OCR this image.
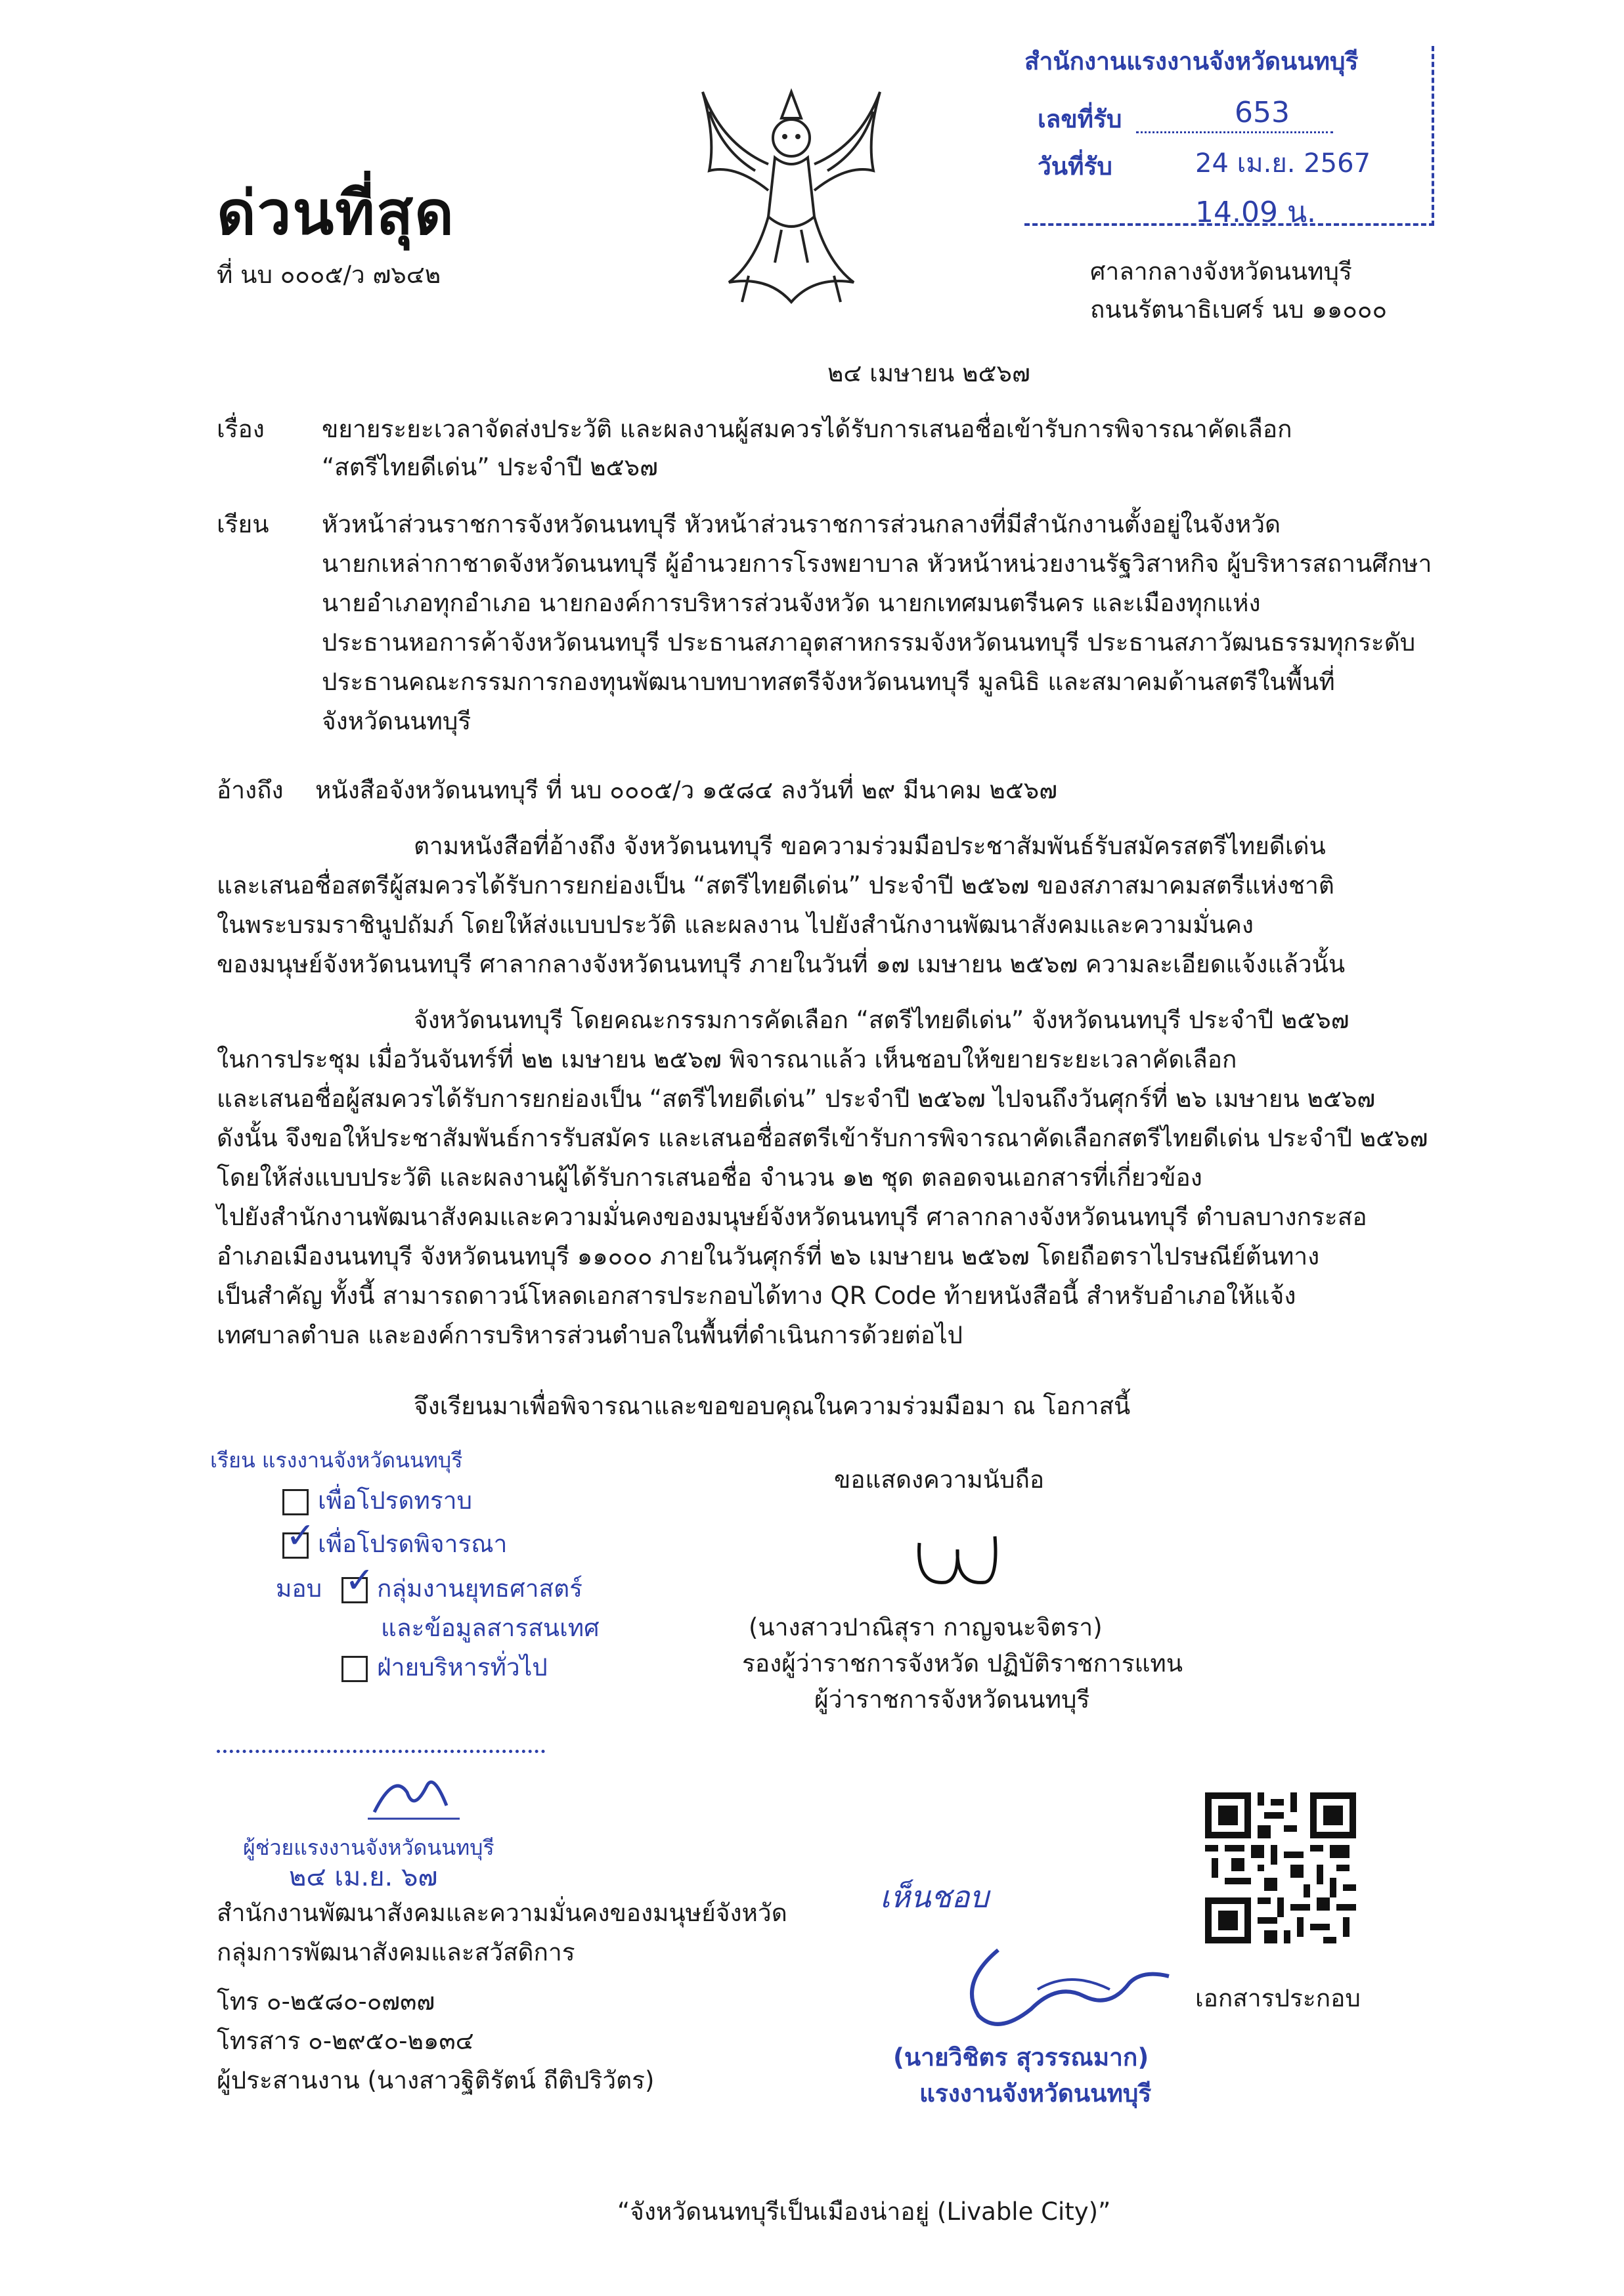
ด่วนที่สุด
ที่ นบ ๐๐๐๕/ว ๗๖๔๒
สำนักงานแรงงานจังหวัดนนทบุรี
เลขที่รับ	653
วันที่รับ	24 เม.ย. 2567
14.09 น.
ศาลากลางจังหวัดนนทบุรี
ถนนรัตนาธิเบศร์ นบ ๑๑๐๐๐
๒๔ เมษายน ๒๕๖๗
เรื่อง ขยายระยะเวลาจัดส่งประวัติ และผลงานผู้สมควรได้รับการเสนอชื่อเข้ารับการพิจารณาคัดเลือก
“สตรีไทยดีเด่น” ประจำปี ๒๕๖๗
เรียน หัวหน้าส่วนราชการจังหวัดนนทบุรี หัวหน้าส่วนราชการส่วนกลางที่มีสำนักงานตั้งอยู่ในจังหวัด
นายกเหล่ากาชาดจังหวัดนนทบุรี ผู้อำนวยการโรงพยาบาล หัวหน้าหน่วยงานรัฐวิสาหกิจ ผู้บริหารสถานศึกษา
นายอำเภอทุกอำเภอ นายกองค์การบริหารส่วนจังหวัด นายกเทศมนตรีนคร และเมืองทุกแห่ง
ประธานหอการค้าจังหวัดนนทบุรี ประธานสภาอุตสาหกรรมจังหวัดนนทบุรี ประธานสภาวัฒนธรรมทุกระดับ
ประธานคณะกรรมการกองทุนพัฒนาบทบาทสตรีจังหวัดนนทบุรี มูลนิธิ และสมาคมด้านสตรีในพื้นที่
จังหวัดนนทบุรี
อ้างถึง หนังสือจังหวัดนนทบุรี ที่ นบ ๐๐๐๕/ว ๑๕๘๔ ลงวันที่ ๒๙ มีนาคม ๒๕๖๗
ตามหนังสือที่อ้างถึง จังหวัดนนทบุรี ขอความร่วมมือประชาสัมพันธ์รับสมัครสตรีไทยดีเด่น
และเสนอชื่อสตรีผู้สมควรได้รับการยกย่องเป็น “สตรีไทยดีเด่น” ประจำปี ๒๕๖๗ ของสภาสมาคมสตรีแห่งชาติ
ในพระบรมราชินูปถัมภ์ โดยให้ส่งแบบประวัติ และผลงาน ไปยังสำนักงานพัฒนาสังคมและความมั่นคง
ของมนุษย์จังหวัดนนทบุรี ศาลากลางจังหวัดนนทบุรี ภายในวันที่ ๑๗ เมษายน ๒๕๖๗ ความละเอียดแจ้งแล้วนั้น
จังหวัดนนทบุรี โดยคณะกรรมการคัดเลือก “สตรีไทยดีเด่น” จังหวัดนนทบุรี ประจำปี ๒๕๖๗
ในการประชุม เมื่อวันจันทร์ที่ ๒๒ เมษายน ๒๕๖๗ พิจารณาแล้ว เห็นชอบให้ขยายระยะเวลาคัดเลือก
และเสนอชื่อผู้สมควรได้รับการยกย่องเป็น “สตรีไทยดีเด่น” ประจำปี ๒๕๖๗ ไปจนถึงวันศุกร์ที่ ๒๖ เมษายน ๒๕๖๗
ดังนั้น จึงขอให้ประชาสัมพันธ์การรับสมัคร และเสนอชื่อสตรีเข้ารับการพิจารณาคัดเลือกสตรีไทยดีเด่น ประจำปี ๒๕๖๗
โดยให้ส่งแบบประวัติ และผลงานผู้ได้รับการเสนอชื่อ จำนวน ๑๒ ชุด ตลอดจนเอกสารที่เกี่ยวข้อง
ไปยังสำนักงานพัฒนาสังคมและความมั่นคงของมนุษย์จังหวัดนนทบุรี ศาลากลางจังหวัดนนทบุรี ตำบลบางกระสอ
อำเภอเมืองนนทบุรี จังหวัดนนทบุรี ๑๑๐๐๐ ภายในวันศุกร์ที่ ๒๖ เมษายน ๒๕๖๗ โดยถือตราไปรษณีย์ต้นทาง
เป็นสำคัญ ทั้งนี้ สามารถดาวน์โหลดเอกสารประกอบได้ทาง QR Code ท้ายหนังสือนี้ สำหรับอำเภอให้แจ้ง
เทศบาลตำบล และองค์การบริหารส่วนตำบลในพื้นที่ดำเนินการด้วยต่อไป
จึงเรียนมาเพื่อพิจารณาและขอขอบคุณในความร่วมมือมา ณ โอกาสนี้
เรียน แรงงานจังหวัดนนทบุรี
เพื่อโปรดทราบ
✓เพื่อโปรดพิจารณา
มอบ
✓	กลุ่มงานยุทธศาสตร์
และข้อมูลสารสนเทศ
ฝ่ายบริหารทั่วไป
ผู้ช่วยแรงงานจังหวัดนนทบุรี
๒๔ เม.ย. ๖๗
ขอแสดงความนับถือ
(นางสาวปาณิสุรา กาญจนะจิตรา)
รองผู้ว่าราชการจังหวัด ปฏิบัติราชการแทน
ผู้ว่าราชการจังหวัดนนทบุรี
สำนักงานพัฒนาสังคมและความมั่นคงของมนุษย์จังหวัด
กลุ่มการพัฒนาสังคมและสวัสดิการ
โทร ๐-๒๕๘๐-๐๗๓๗
โทรสาร ๐-๒๙๕๐-๒๑๓๔
ผู้ประสานงาน (นางสาวฐิติรัตน์ ถีติปริวัตร)
เห็นชอบ
(นายวิชิตร สุวรรณมาก)
แรงงานจังหวัดนนทบุรี
เอกสารประกอบ
“จังหวัดนนทบุรีเป็นเมืองน่าอยู่ (Livable City)”
